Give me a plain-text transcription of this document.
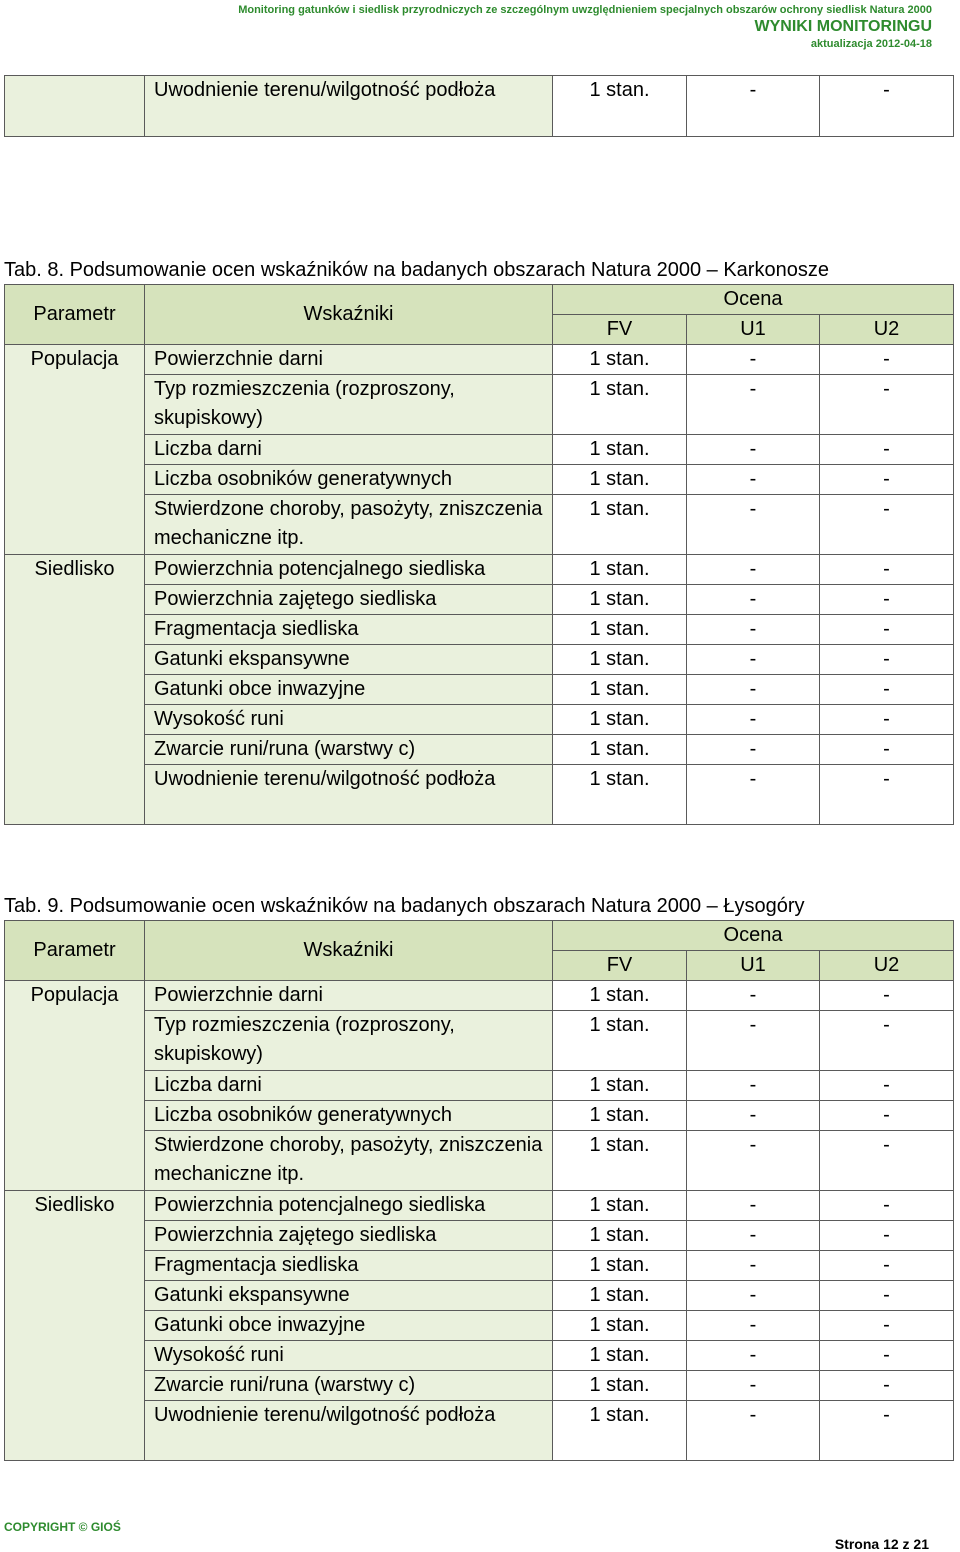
Monitoring gatunków i siedlisk przyrodniczych ze szczególnym uwzględnieniem specjalnych obszarów ochrony siedlisk Natura 2000
WYNIKI MONITORINGU
aktualizacja 2012-04-18
	Uwodnienie terenu/wilgotność podłoża	1 stan.	-	-
Tab. 8. Podsumowanie ocen wskaźników na badanych obszarach Natura 2000 – Karkonosze
Parametr	Wskaźniki	Ocena		
		FV	U1	U2
Populacja	Powierzchnie darni	1 stan.	-	-
	Typ rozmieszczenia (rozproszony, skupiskowy)	1 stan.	-	-
	Liczba darni	1 stan.	-	-
	Liczba osobników generatywnych	1 stan.	-	-
	Stwierdzone choroby, pasożyty, zniszczenia mechaniczne itp.	1 stan.	-	-
Siedlisko	Powierzchnia potencjalnego siedliska	1 stan.	-	-
	Powierzchnia zajętego siedliska	1 stan.	-	-
	Fragmentacja siedliska	1 stan.	-	-
	Gatunki ekspansywne	1 stan.	-	-
	Gatunki obce inwazyjne	1 stan.	-	-
	Wysokość runi	1 stan.	-	-
	Zwarcie runi/runa (warstwy c)	1 stan.	-	-
	Uwodnienie terenu/wilgotność podłoża	1 stan.	-	-
Tab. 9. Podsumowanie ocen wskaźników na badanych obszarach Natura 2000 – Łysogóry
Parametr	Wskaźniki	Ocena		
		FV	U1	U2
Populacja	Powierzchnie darni	1 stan.	-	-
	Typ rozmieszczenia (rozproszony, skupiskowy)	1 stan.	-	-
	Liczba darni	1 stan.	-	-
	Liczba osobników generatywnych	1 stan.	-	-
	Stwierdzone choroby, pasożyty, zniszczenia mechaniczne itp.	1 stan.	-	-
Siedlisko	Powierzchnia potencjalnego siedliska	1 stan.	-	-
	Powierzchnia zajętego siedliska	1 stan.	-	-
	Fragmentacja siedliska	1 stan.	-	-
	Gatunki ekspansywne	1 stan.	-	-
	Gatunki obce inwazyjne	1 stan.	-	-
	Wysokość runi	1 stan.	-	-
	Zwarcie runi/runa (warstwy c)	1 stan.	-	-
	Uwodnienie terenu/wilgotność podłoża	1 stan.	-	-
COPYRIGHT © GIOŚ
Strona 12 z 21
